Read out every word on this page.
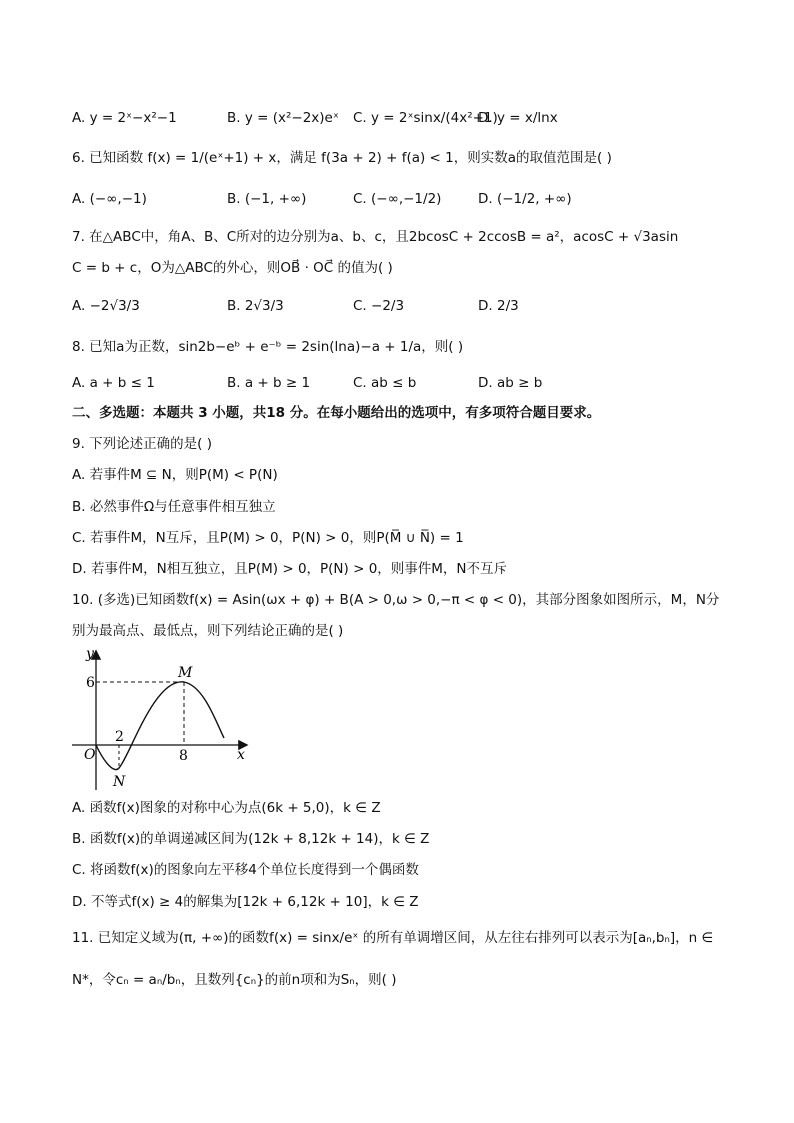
A. y = 2ˣ−x²−1	B. y = (x²−2x)eˣ C. y = 2ˣsinx/(4x²+1)
D. y = x/lnx
6. 已知函数 f(x) = 1/(eˣ+1) + x，满足 f(3a + 2) + f(a) < 1，则实数a的取值范围是( )
A. (−∞,−1)	B. (−1, +∞)	C. (−∞,−1/2)	D. (−1/2, +∞)
7. 在△ABC中，角A、B、C所对的边分别为a、b、c，且2bcosC + 2ccosB = a²，acosC + √3asin
C = b + c，O为△ABC的外心，则OB⃗ · OC⃗ 的值为( )
A. −2√3/3	B. 2√3/3	C. −2/3	D. 2/3
8. 已知a为正数，sin2b−eᵇ + e⁻ᵇ = 2sin(lna)−a + 1/a，则( )
A. a + b ≤ 1	B. a + b ≥ 1	C. ab ≤ b	D. ab ≥ b
二、多选题：本题共 3 小题，共18 分。在每小题给出的选项中，有多项符合题目要求。
9. 下列论述正确的是( )
A. 若事件M ⊆ N，则P(M) < P(N)
B. 必然事件Ω与任意事件相互独立
C. 若事件M，N互斥，且P(M) > 0，P(N) > 0，则P(M̅ ∪ N̅) = 1
D. 若事件M，N相互独立，且P(M) > 0，P(N) > 0，则事件M，N不互斥
10. (多选)已知函数f(x) = Asin(ωx + φ) + B(A > 0,ω > 0,−π < φ < 0)，其部分图象如图所示，M，N分
别为最高点、最低点，则下列结论正确的是( )
y
x
O
6
2
8
M
N
A. 函数f(x)图象的对称中心为点(6k + 5,0)，k ∈ Z
B. 函数f(x)的单调递减区间为(12k + 8,12k + 14)，k ∈ Z
C. 将函数f(x)的图象向左平移4个单位长度得到一个偶函数
D. 不等式f(x) ≥ 4的解集为[12k + 6,12k + 10]，k ∈ Z
11. 已知定义域为(π, +∞)的函数f(x) = sinx/eˣ 的所有单调增区间，从左往右排列可以表示为[aₙ,bₙ]，n ∈
N*，令cₙ = aₙ/bₙ，且数列{cₙ}的前n项和为Sₙ，则( )
